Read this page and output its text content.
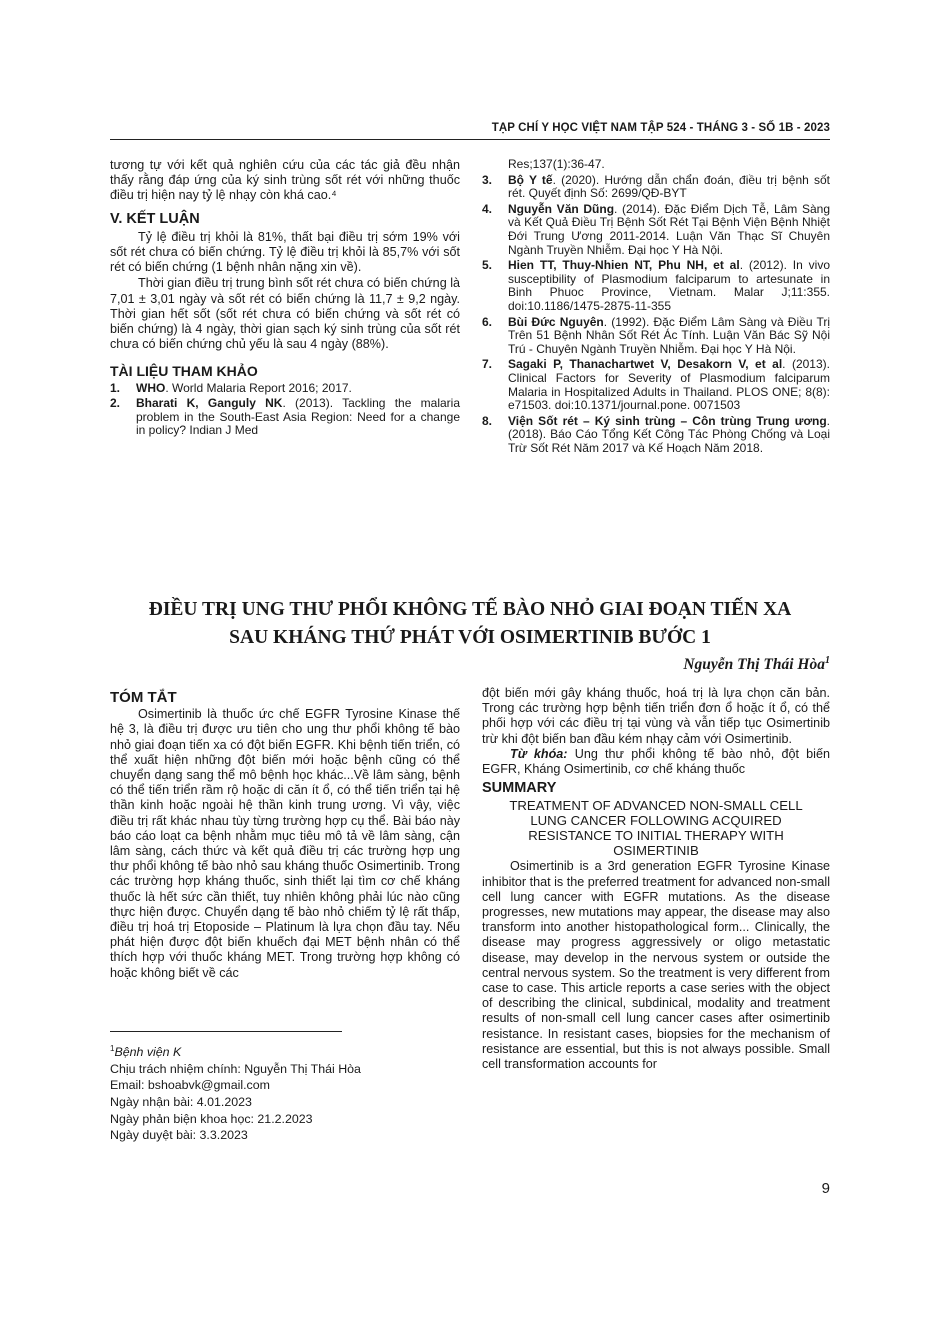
TẠP CHÍ Y HỌC VIỆT NAM TẬP 524 - THÁNG 3 - SỐ 1B - 2023

tương tự với kết quả nghiên cứu của các tác giả đều nhận thấy rằng đáp ứng của ký sinh trùng sốt rét với những thuốc điều trị hiện nay tỷ lệ nhạy còn khá cao.⁴

V. KẾT LUẬN

Tỷ lệ điều trị khỏi là 81%, thất bại điều trị sớm 19% với sốt rét chưa có biến chứng. Tỷ lệ điều trị khỏi là 85,7% với sốt rét có biến chứng (1 bệnh nhân nặng xin về).

Thời gian điều trị trung bình sốt rét chưa có biến chứng là 7,01 ± 3,01 ngày và sốt rét có biến chứng là 11,7 ± 9,2 ngày. Thời gian hết sốt (sốt rét chưa có biến chứng và sốt rét có biến chứng) là 4 ngày, thời gian sạch ký sinh trùng của sốt rét chưa có biến chứng chủ yếu là sau 4 ngày (88%).

TÀI LIỆU THAM KHẢO
1.	WHO. World Malaria Report 2016; 2017.
2.	Bharati K, Ganguly NK. (2013). Tackling the malaria problem in the South-East Asia Region: Need for a change in policy? Indian J Med
Res;137(1):36-47.
3.	Bộ Y tế. (2020). Hướng dẫn chẩn đoán, điều trị bệnh sốt rét. Quyết định Số: 2699/QĐ-BYT
4.	Nguyễn Văn Dũng. (2014). Đặc Điểm Dịch Tễ, Lâm Sàng và Kết Quả Điều Trị Bệnh Sốt Rét Tại Bệnh Viện Bệnh Nhiệt Đới Trung Ương 2011-2014. Luận Văn Thạc Sĩ Chuyên Ngành Truyền Nhiễm. Đại học Y Hà Nội.
5.	Hien TT, Thuy-Nhien NT, Phu NH, et al. (2012). In vivo susceptibility of Plasmodium falciparum to artesunate in Binh Phuoc Province, Vietnam. Malar J;11:355. doi:10.1186/1475-2875-11-355
6.	Bùi Đức Nguyên. (1992). Đặc Điểm Lâm Sàng và Điều Trị Trên 51 Bệnh Nhân Sốt Rét Ác Tính. Luận Văn Bác Sỹ Nội Trú - Chuyên Ngành Truyền Nhiễm. Đại học Y Hà Nội.
7.	Sagaki P, Thanachartwet V, Desakorn V, et al. (2013). Clinical Factors for Severity of Plasmodium falciparum Malaria in Hospitalized Adults in Thailand. PLOS ONE; 8(8): e71503. doi:10.1371/journal.pone. 0071503
8.	Viện Sốt rét – Ký sinh trùng – Côn trùng Trung ương. (2018). Báo Cáo Tổng Kết Công Tác Phòng Chống và Loại Trừ Sốt Rét Năm 2017 và Kế Hoạch Năm 2018.
ĐIỀU TRỊ UNG THƯ PHỔI KHÔNG TẾ BÀO NHỎ GIAI ĐOẠN TIẾN XA
SAU KHÁNG THỨ PHÁT VỚI OSIMERTINIB BƯỚC 1
Nguyễn Thị Thái Hòa$^1$
TÓM TẮT

Osimertinib là thuốc ức chế EGFR Tyrosine Kinase thế hệ 3, là điều trị được ưu tiên cho ung thư phổi không tế bào nhỏ giai đoạn tiến xa có đột biến EGFR. Khi bệnh tiến triển, có thể xuất hiện những đột biến mới hoặc bệnh cũng có thể chuyển dạng sang thể mô bệnh học khác...Về lâm sàng, bệnh có thể tiến triển rầm rộ hoặc di căn ít ổ, có thể tiến triển tại hệ thần kinh hoặc ngoài hệ thần kinh trung ương. Vì vậy, việc điều trị rất khác nhau tùy từng trường hợp cụ thể. Bài báo này báo cáo loạt ca bệnh nhằm mục tiêu mô tả về lâm sàng, cận lâm sàng, cách thức và kết quả điều trị các trường hợp ung thư phổi không tế bào nhỏ sau kháng thuốc Osimertinib. Trong các trường hợp kháng thuốc, sinh thiết lại tìm cơ chế kháng thuốc là hết sức cần thiết, tuy nhiên không phải lúc nào cũng thực hiện được. Chuyển dạng tế bào nhỏ chiếm tỷ lệ rất thấp, điều trị hoá trị Etoposide – Platinum là lựa chọn đầu tay. Nếu phát hiện được đột biến khuếch đại MET bệnh nhân có thể thích hợp với thuốc kháng MET. Trong trường hợp không có hoặc không biết về các

đột biến mới gây kháng thuốc, hoá trị là lựa chọn căn bản. Trong các trường hợp bệnh tiến triển đơn ổ hoặc ít ổ, có thể phối hợp với các điều trị tại vùng và vẫn tiếp tục Osimertinib trừ khi đột biến ban đầu kém nhạy cảm với Osimertinib.

Từ khóa: Ung thư phổi không tế bào nhỏ, đột biến EGFR, Kháng Osimertinib, cơ chế kháng thuốc

SUMMARY
TREATMENT OF ADVANCED NON-SMALL CELL LUNG CANCER FOLLOWING ACQUIRED RESISTANCE TO INITIAL THERAPY WITH OSIMERTINIB

Osimertinib is a 3rd generation EGFR Tyrosine Kinase inhibitor that is the preferred treatment for advanced non-small cell lung cancer with EGFR mutations. As the disease progresses, new mutations may appear, the disease may also transform into another histopathological form... Clinically, the disease may progress aggressively or oligo metastatic disease, may develop in the nervous system or outside the central nervous system. So the treatment is very different from case to case. This article reports a case series with the object of describing the clinical, subdinical, modality and treatment results of non-small cell lung cancer cases after osimertinib resistance. In resistant cases, biopsies for the mechanism of resistance are essential, but this is not always possible. Small cell transformation accounts for

$^1$Bệnh viện K
Chịu trách nhiệm chính: Nguyễn Thị Thái Hòa
Email: bshoabvk@gmail.com
Ngày nhận bài: 4.01.2023
Ngày phản biện khoa học: 21.2.2023
Ngày duyệt bài: 3.3.2023
9
